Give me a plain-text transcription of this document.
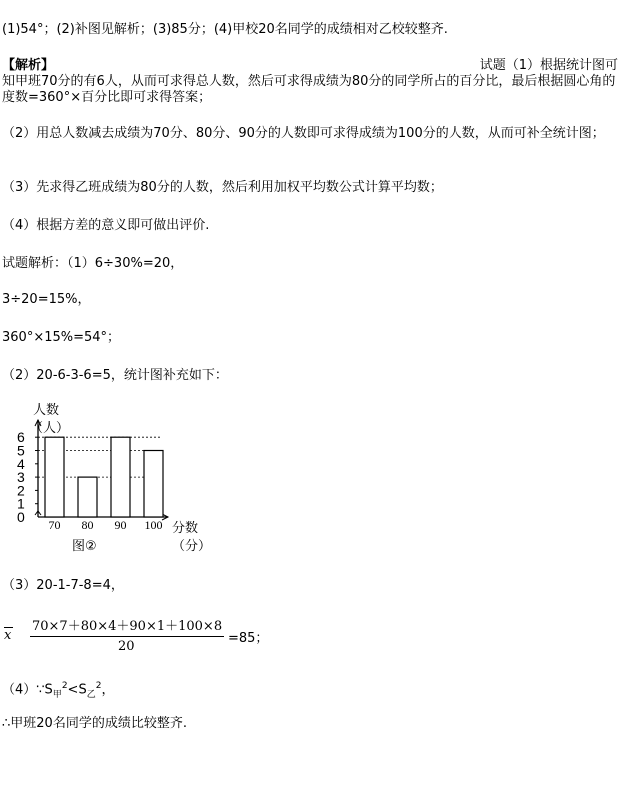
(1)54°；(2)补图见解析；(3)85分；(4)甲校20名同学的成绩相对乙校较整齐.
【解析】	试题（1）根据统计图可
知甲班70分的有6人，从而可求得总人数，然后可求得成绩为80分的同学所占的百分比，最后根据圆心角的度数=360°×百分比即可求得答案；
（2）用总人数减去成绩为70分、80分、90分的人数即可求得成绩为100分的人数，从而可补全统计图；
（3）先求得乙班成绩为80分的人数，然后利用加权平均数公式计算平均数；
（4）根据方差的意义即可做出评价.
试题解析：（1）6÷30%=20，
3÷20=15%，
360°×15%=54°；
（2）20-6-3-6=5，统计图补充如下：
0
1
2
3
4
5
6
70 80 90 100
人数
（人）
分数
（分）
图②
（3）20-1-7-8=4，
x
70×7＋80×4＋90×1＋100×8
20
=85；
$(4)\because S_甲^2<S_乙^2$，
∴甲班20名同学的成绩比较整齐.
